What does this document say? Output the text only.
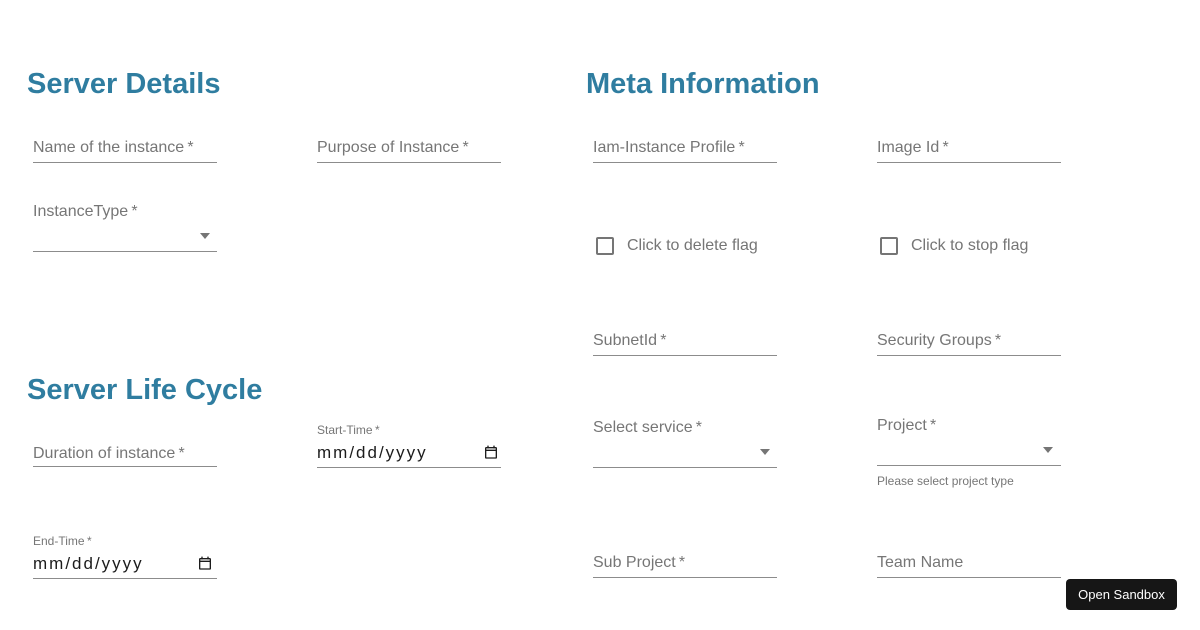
Server Details	Meta Information
Server Life Cycle
Name of the instance *	Purpose of Instance *
InstanceType *
Iam-Instance Profile *	Image Id *
Click to delete flag	Click to stop flag
SubnetId *	Security Groups *
Select service *	Project *
Please select project type
Sub Project *	Team Name
Duration of instance *
Start-Time *
mm/dd/yyyy
End-Time *
mm/dd/yyyy
Open Sandbox
